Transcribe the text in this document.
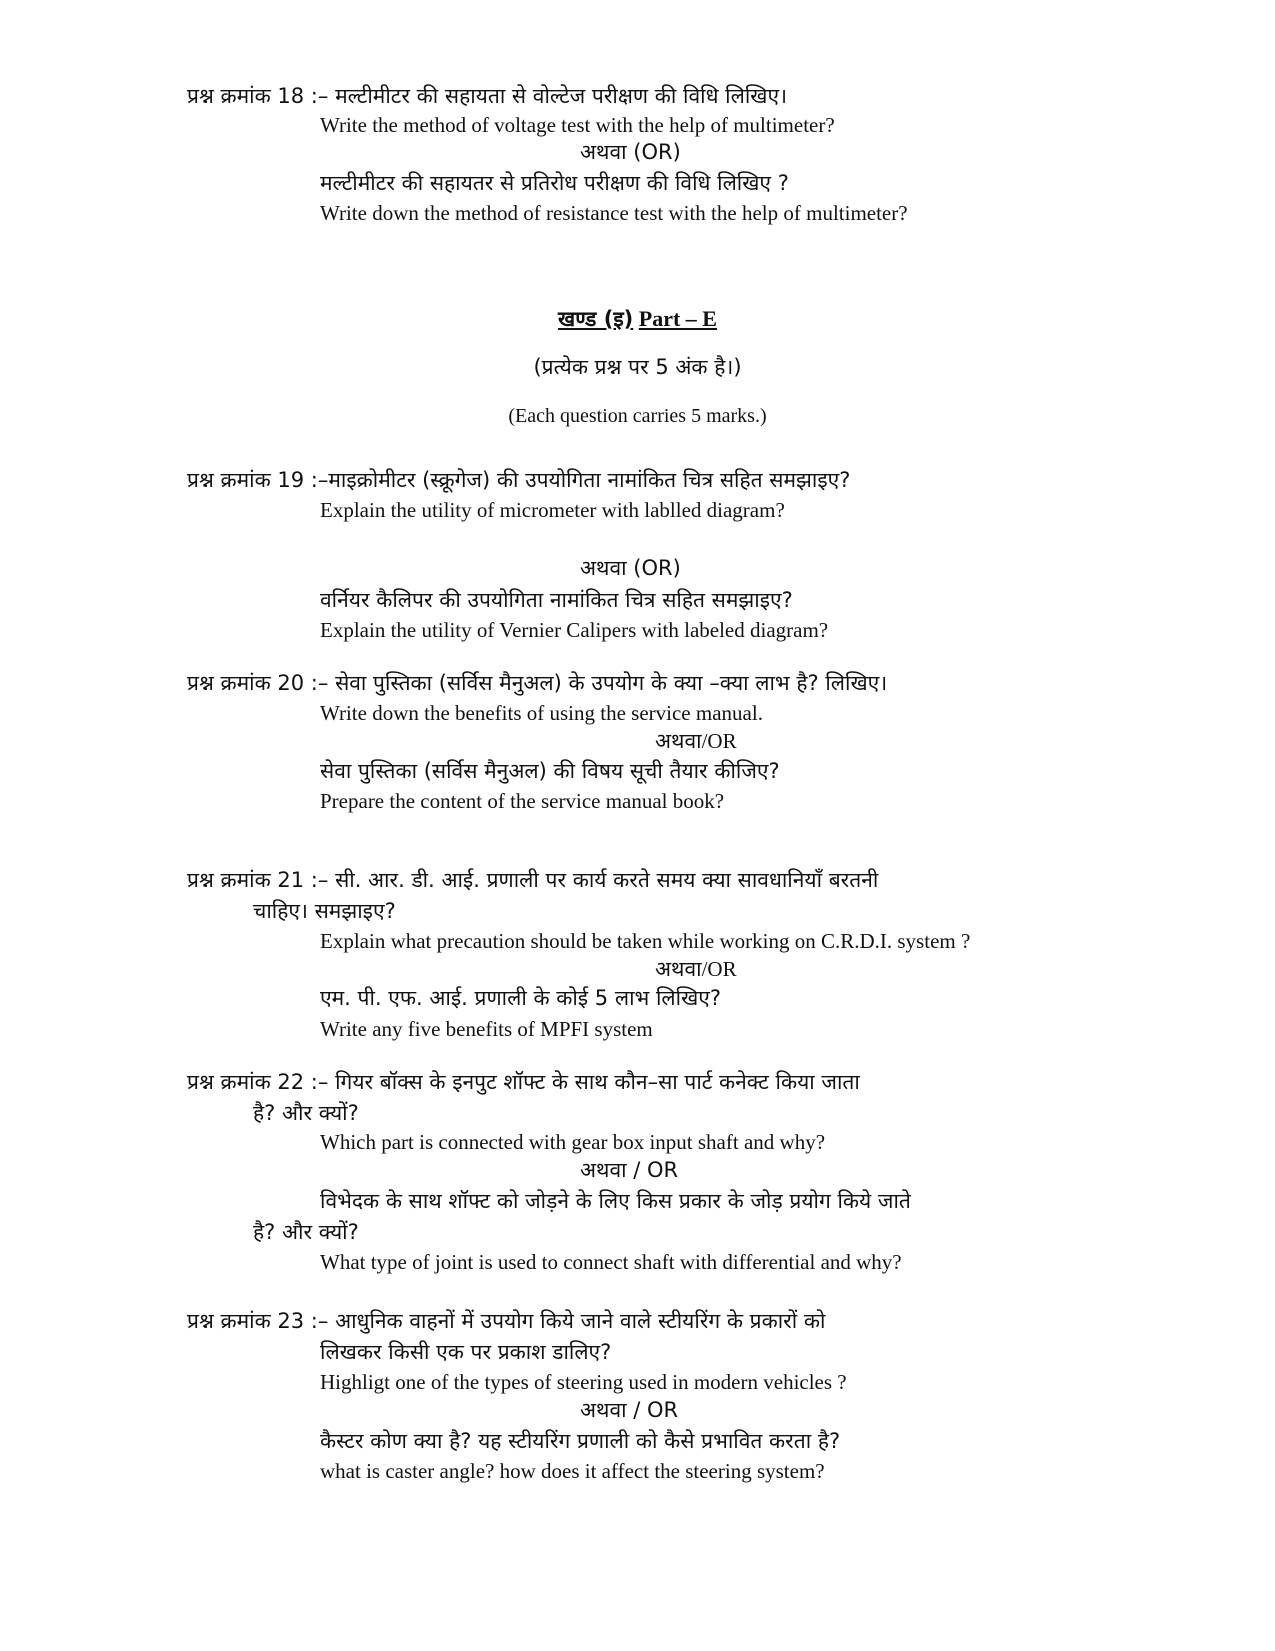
प्रश्न क्रमांक 18 :– मल्टीमीटर की सहायता से वोल्टेज परीक्षण की विधि लिखिए।
Write the method of voltage test with the help of multimeter?
अथवा (OR)
मल्टीमीटर की सहायतर से प्रतिरोध परीक्षण की विधि लिखिए ?
Write down the method of resistance test with the help of multimeter?
खण्ड (इ) Part – E
(प्रत्येक प्रश्न पर 5 अंक है।)
(Each question carries 5 marks.)
प्रश्न क्रमांक 19 :–माइक्रोमीटर (स्क्रूगेज) की उपयोगिता नामांकित चित्र सहित समझाइए?
Explain the utility of micrometer with lablled diagram?
अथवा (OR)
वर्नियर कैलिपर की उपयोगिता नामांकित चित्र सहित समझाइए?
Explain the utility of Vernier Calipers with labeled diagram?
प्रश्न क्रमांक 20 :– सेवा पुस्तिका (सर्विस मैनुअल) के उपयोग के क्या –क्या लाभ है? लिखिए।
Write down the benefits of using the service manual.
अथवा/OR
सेवा पुस्तिका (सर्विस मैनुअल) की विषय सूची तैयार कीजिए?
Prepare the content of the service manual book?
प्रश्न क्रमांक 21 :– सी. आर. डी. आई. प्रणाली पर कार्य करते समय क्या सावधानियाँ बरतनी
चाहिए। समझाइए?
Explain what precaution should be taken while working on C.R.D.I. system ?
अथवा/OR
एम. पी. एफ. आई. प्रणाली के कोई 5 लाभ लिखिए?
Write any five benefits of MPFI system
प्रश्न क्रमांक 22 :– गियर बॉक्स के इनपुट शॉफ्ट के साथ कौन–सा पार्ट कनेक्ट किया जाता
है? और क्यों?
Which part is connected with gear box input shaft and why?
अथवा / OR
विभेदक के साथ शॉफ्ट को जोड़ने के लिए किस प्रकार के जोड़ प्रयोग किये जाते
है? और क्यों?
What type of joint is used to connect shaft with differential and why?
प्रश्न क्रमांक 23 :– आधुनिक वाहनों में उपयोग किये जाने वाले स्टीयरिंग के प्रकारों को
लिखकर किसी एक पर प्रकाश डालिए?
Highligt one of the types of steering used in modern vehicles ?
अथवा / OR
कैस्टर कोण क्या है? यह स्टीयरिंग प्रणाली को कैसे प्रभावित करता है?
what is caster angle? how does it affect the steering system?
